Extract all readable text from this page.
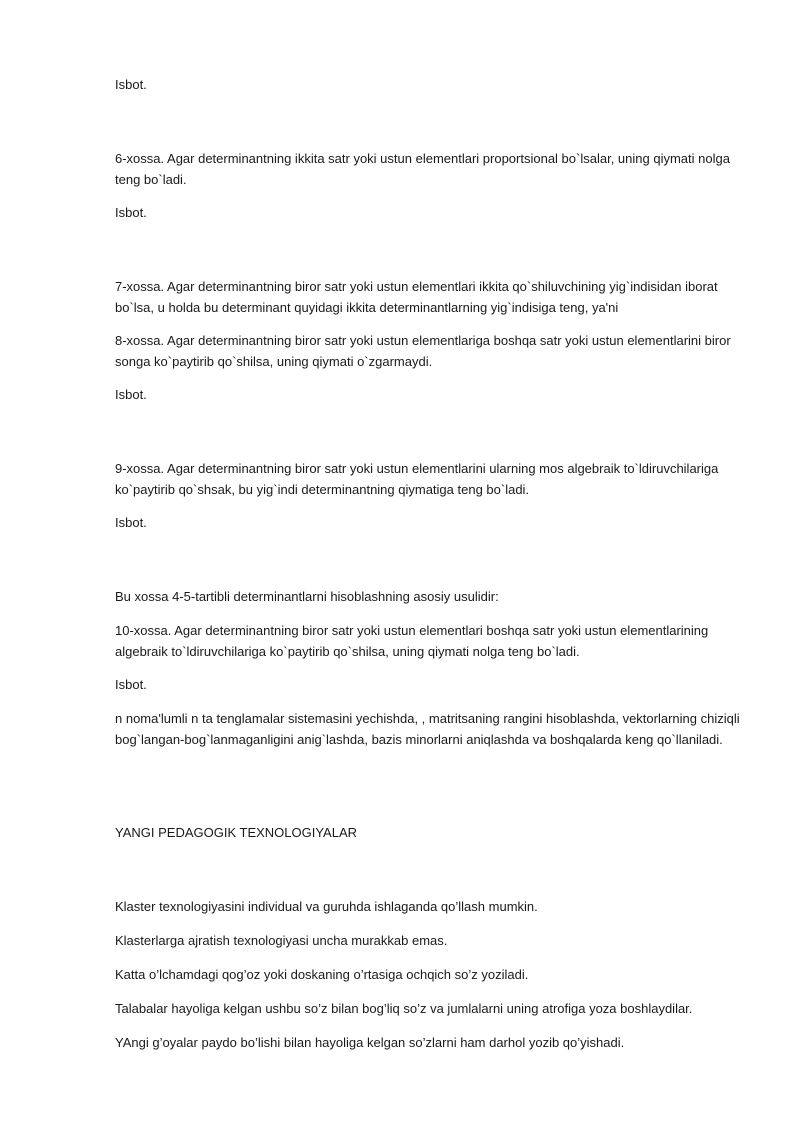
Isbot.

6-xossa. Agar determinantning ikkita satr yoki ustun elementlari proportsional bo`lsalar, uning qiymati nolga teng bo`ladi.

Isbot.

7-xossa. Agar determinantning biror satr yoki ustun elementlari ikkita qo`shiluvchining yig`indisidan iborat bo`lsa, u holda bu determinant quyidagi ikkita determinantlarning yig`indisiga teng, ya'ni

8-xossa. Agar determinantning biror satr yoki ustun elementlariga boshqa satr yoki ustun elementlarini biror songa ko`paytirib qo`shilsa, uning qiymati o`zgarmaydi.

Isbot.

9-xossa. Agar determinantning biror satr yoki ustun elementlarini ularning mos algebraik to`ldiruvchilariga ko`paytirib qo`shsak, bu yig`indi determinantning qiymatiga teng bo`ladi.

Isbot.

Bu xossa 4-5-tartibli determinantlarni hisoblashning asosiy usulidir:

10-xossa. Agar determinantning biror satr yoki ustun elementlari boshqa satr yoki ustun elementlarining algebraik to`ldiruvchilariga ko`paytirib qo`shilsa, uning qiymati nolga teng bo`ladi.

Isbot.

n noma'lumli n ta tenglamalar sistemasini yechishda, , matritsaning rangini hisoblashda, vektorlarning chiziqli bog`langan-bog`lanmaganligini anig`lashda, bazis minorlarni aniqlashda va boshqalarda keng qo`llaniladi.

YANGI PEDAGOGIK TEXNOLOGIYALAR

Klaster texnologiyasini individual va guruhda ishlaganda qo’llash mumkin.

Klasterlarga ajratish texnologiyasi uncha murakkab emas.

Katta o’lchamdagi qog’oz yoki doskaning o’rtasiga ochqich so’z yoziladi.

Talabalar hayoliga kelgan ushbu so’z bilan bog’liq so’z va jumlalarni uning atrofiga yoza boshlaydilar.

YAngi g’oyalar paydo bo’lishi bilan hayoliga kelgan so’zlarni ham darhol yozib qo’yishadi.
